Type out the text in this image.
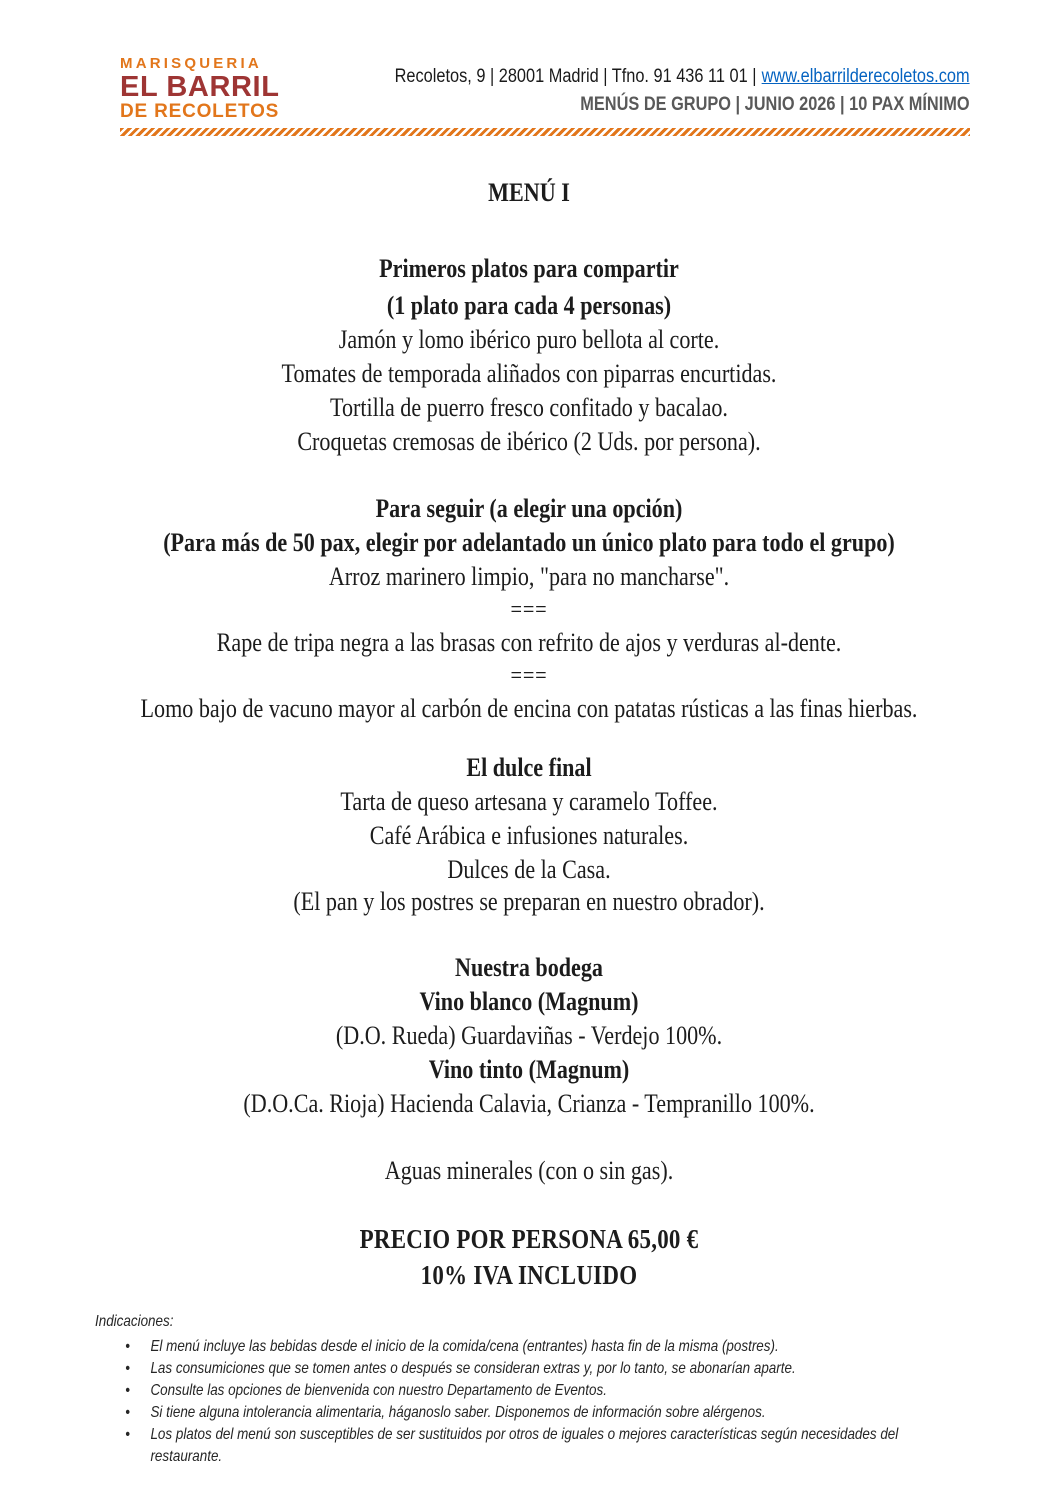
MARISQUERIA
EL BARRIL
DE RECOLETOS
Recoletos, 9 | 28001 Madrid | Tfno. 91 436 11 01 | www.elbarrilderecoletos.com
MENÚS DE GRUPO | JUNIO 2026 | 10 PAX MÍNIMO
MENÚ I
Primeros platos para compartir
(1 plato para cada 4 personas)
Jamón y lomo ibérico puro bellota al corte.
Tomates de temporada aliñados con piparras encurtidas.
Tortilla de puerro fresco confitado y bacalao.
Croquetas cremosas de ibérico (2 Uds. por persona).
Para seguir (a elegir una opción)
(Para más de 50 pax, elegir por adelantado un único plato para todo el grupo)
Arroz marinero limpio, "para no mancharse".
===
Rape de tripa negra a las brasas con refrito de ajos y verduras al-dente.
===
Lomo bajo de vacuno mayor al carbón de encina con patatas rústicas a las finas hierbas.
El dulce final
Tarta de queso artesana y caramelo Toffee.
Café Arábica e infusiones naturales.
Dulces de la Casa.
(El pan y los postres se preparan en nuestro obrador).
Nuestra bodega
Vino blanco (Magnum)
(D.O. Rueda) Guardaviñas - Verdejo 100%.
Vino tinto (Magnum)
(D.O.Ca. Rioja) Hacienda Calavia, Crianza - Tempranillo 100%.
Aguas minerales (con o sin gas).
PRECIO POR PERSONA 65,00 €
10% IVA INCLUIDO
Indicaciones:
• El menú incluye las bebidas desde el inicio de la comida/cena (entrantes) hasta fin de la misma (postres).
• Las consumiciones que se tomen antes o después se consideran extras y, por lo tanto, se abonarían aparte.
• Consulte las opciones de bienvenida con nuestro Departamento de Eventos.
• Si tiene alguna intolerancia alimentaria, háganoslo saber. Disponemos de información sobre alérgenos.
• Los platos del menú son susceptibles de ser sustituidos por otros de iguales o mejores características según necesidades del restaurante.
